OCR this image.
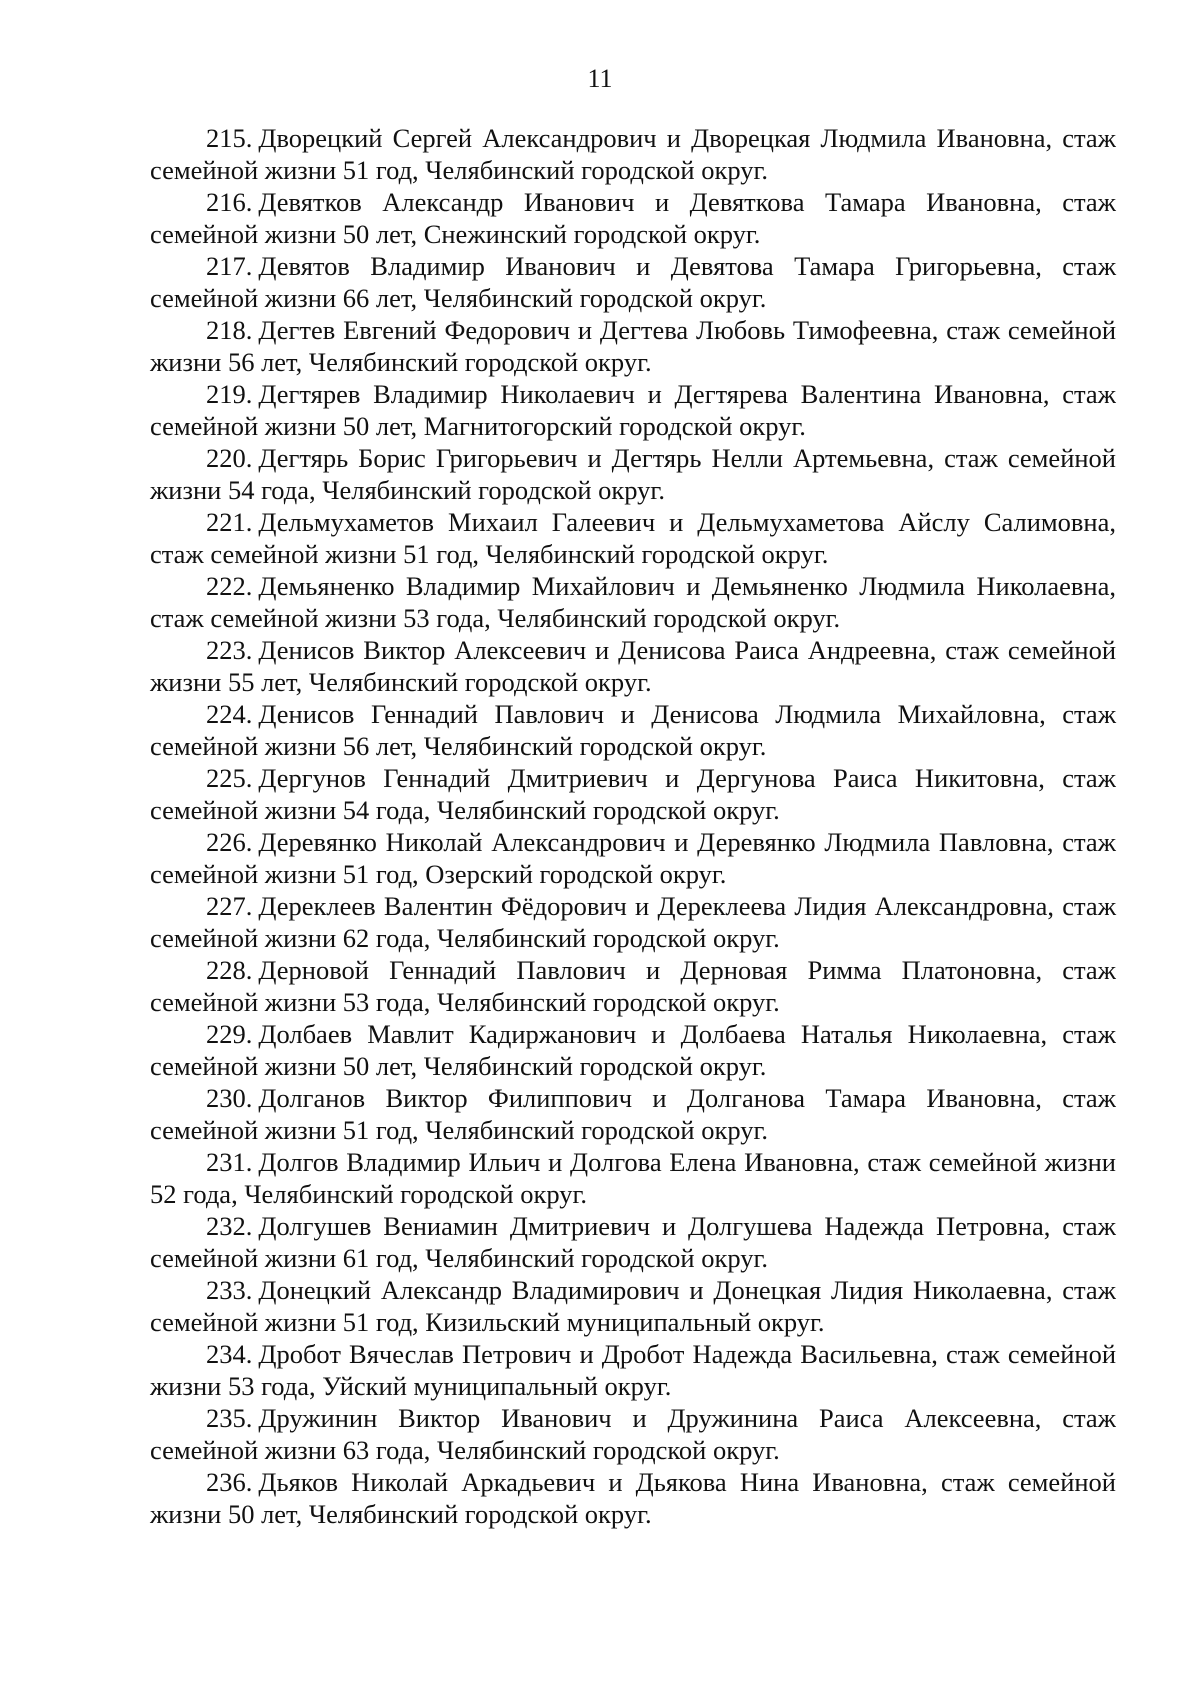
11
215. Дворецкий Сергей Александрович и Дворецкая Людмила Ивановна, стаж семейной жизни 51 год, Челябинский городской округ.
216. Девятков Александр Иванович и Девяткова Тамара Ивановна, стаж семейной жизни 50 лет, Снежинский городской округ.
217. Девятов Владимир Иванович и Девятова Тамара Григорьевна, стаж семейной жизни 66 лет, Челябинский городской округ.
218. Дегтев Евгений Федорович и Дегтева Любовь Тимофеевна, стаж семейной жизни 56 лет, Челябинский городской округ.
219. Дегтярев Владимир Николаевич и Дегтярева Валентина Ивановна, стаж семейной жизни 50 лет, Магнитогорский городской округ.
220. Дегтярь Борис Григорьевич и Дегтярь Нелли Артемьевна, стаж семейной жизни 54 года, Челябинский городской округ.
221. Дельмухаметов Михаил Галеевич и Дельмухаметова Айслу Салимовна, стаж семейной жизни 51 год, Челябинский городской округ.
222. Демьяненко Владимир Михайлович и Демьяненко Людмила Николаевна, стаж семейной жизни 53 года, Челябинский городской округ.
223. Денисов Виктор Алексеевич и Денисова Раиса Андреевна, стаж семейной жизни 55 лет, Челябинский городской округ.
224. Денисов Геннадий Павлович и Денисова Людмила Михайловна, стаж семейной жизни 56 лет, Челябинский городской округ.
225. Дергунов Геннадий Дмитриевич и Дергунова Раиса Никитовна, стаж семейной жизни 54 года, Челябинский городской округ.
226. Деревянко Николай Александрович и Деревянко Людмила Павловна, стаж семейной жизни 51 год, Озерский городской округ.
227. Дереклеев Валентин Фёдорович и Дереклеева Лидия Александровна, стаж семейной жизни 62 года, Челябинский городской округ.
228. Дерновой Геннадий Павлович и Дерновая Римма Платоновна, стаж семейной жизни 53 года, Челябинский городской округ.
229. Долбаев Мавлит Кадиржанович и Долбаева Наталья Николаевна, стаж семейной жизни 50 лет, Челябинский городской округ.
230. Долганов Виктор Филиппович и Долганова Тамара Ивановна, стаж семейной жизни 51 год, Челябинский городской округ.
231. Долгов Владимир Ильич и Долгова Елена Ивановна, стаж семейной жизни 52 года, Челябинский городской округ.
232. Долгушев Вениамин Дмитриевич и Долгушева Надежда Петровна, стаж семейной жизни 61 год, Челябинский городской округ.
233. Донецкий Александр Владимирович и Донецкая Лидия Николаевна, стаж семейной жизни 51 год, Кизильский муниципальный округ.
234. Дробот Вячеслав Петрович и Дробот Надежда Васильевна, стаж семейной жизни 53 года, Уйский муниципальный округ.
235. Дружинин Виктор Иванович и Дружинина Раиса Алексеевна, стаж семейной жизни 63 года, Челябинский городской округ.
236. Дьяков Николай Аркадьевич и Дьякова Нина Ивановна, стаж семейной жизни 50 лет, Челябинский городской округ.
